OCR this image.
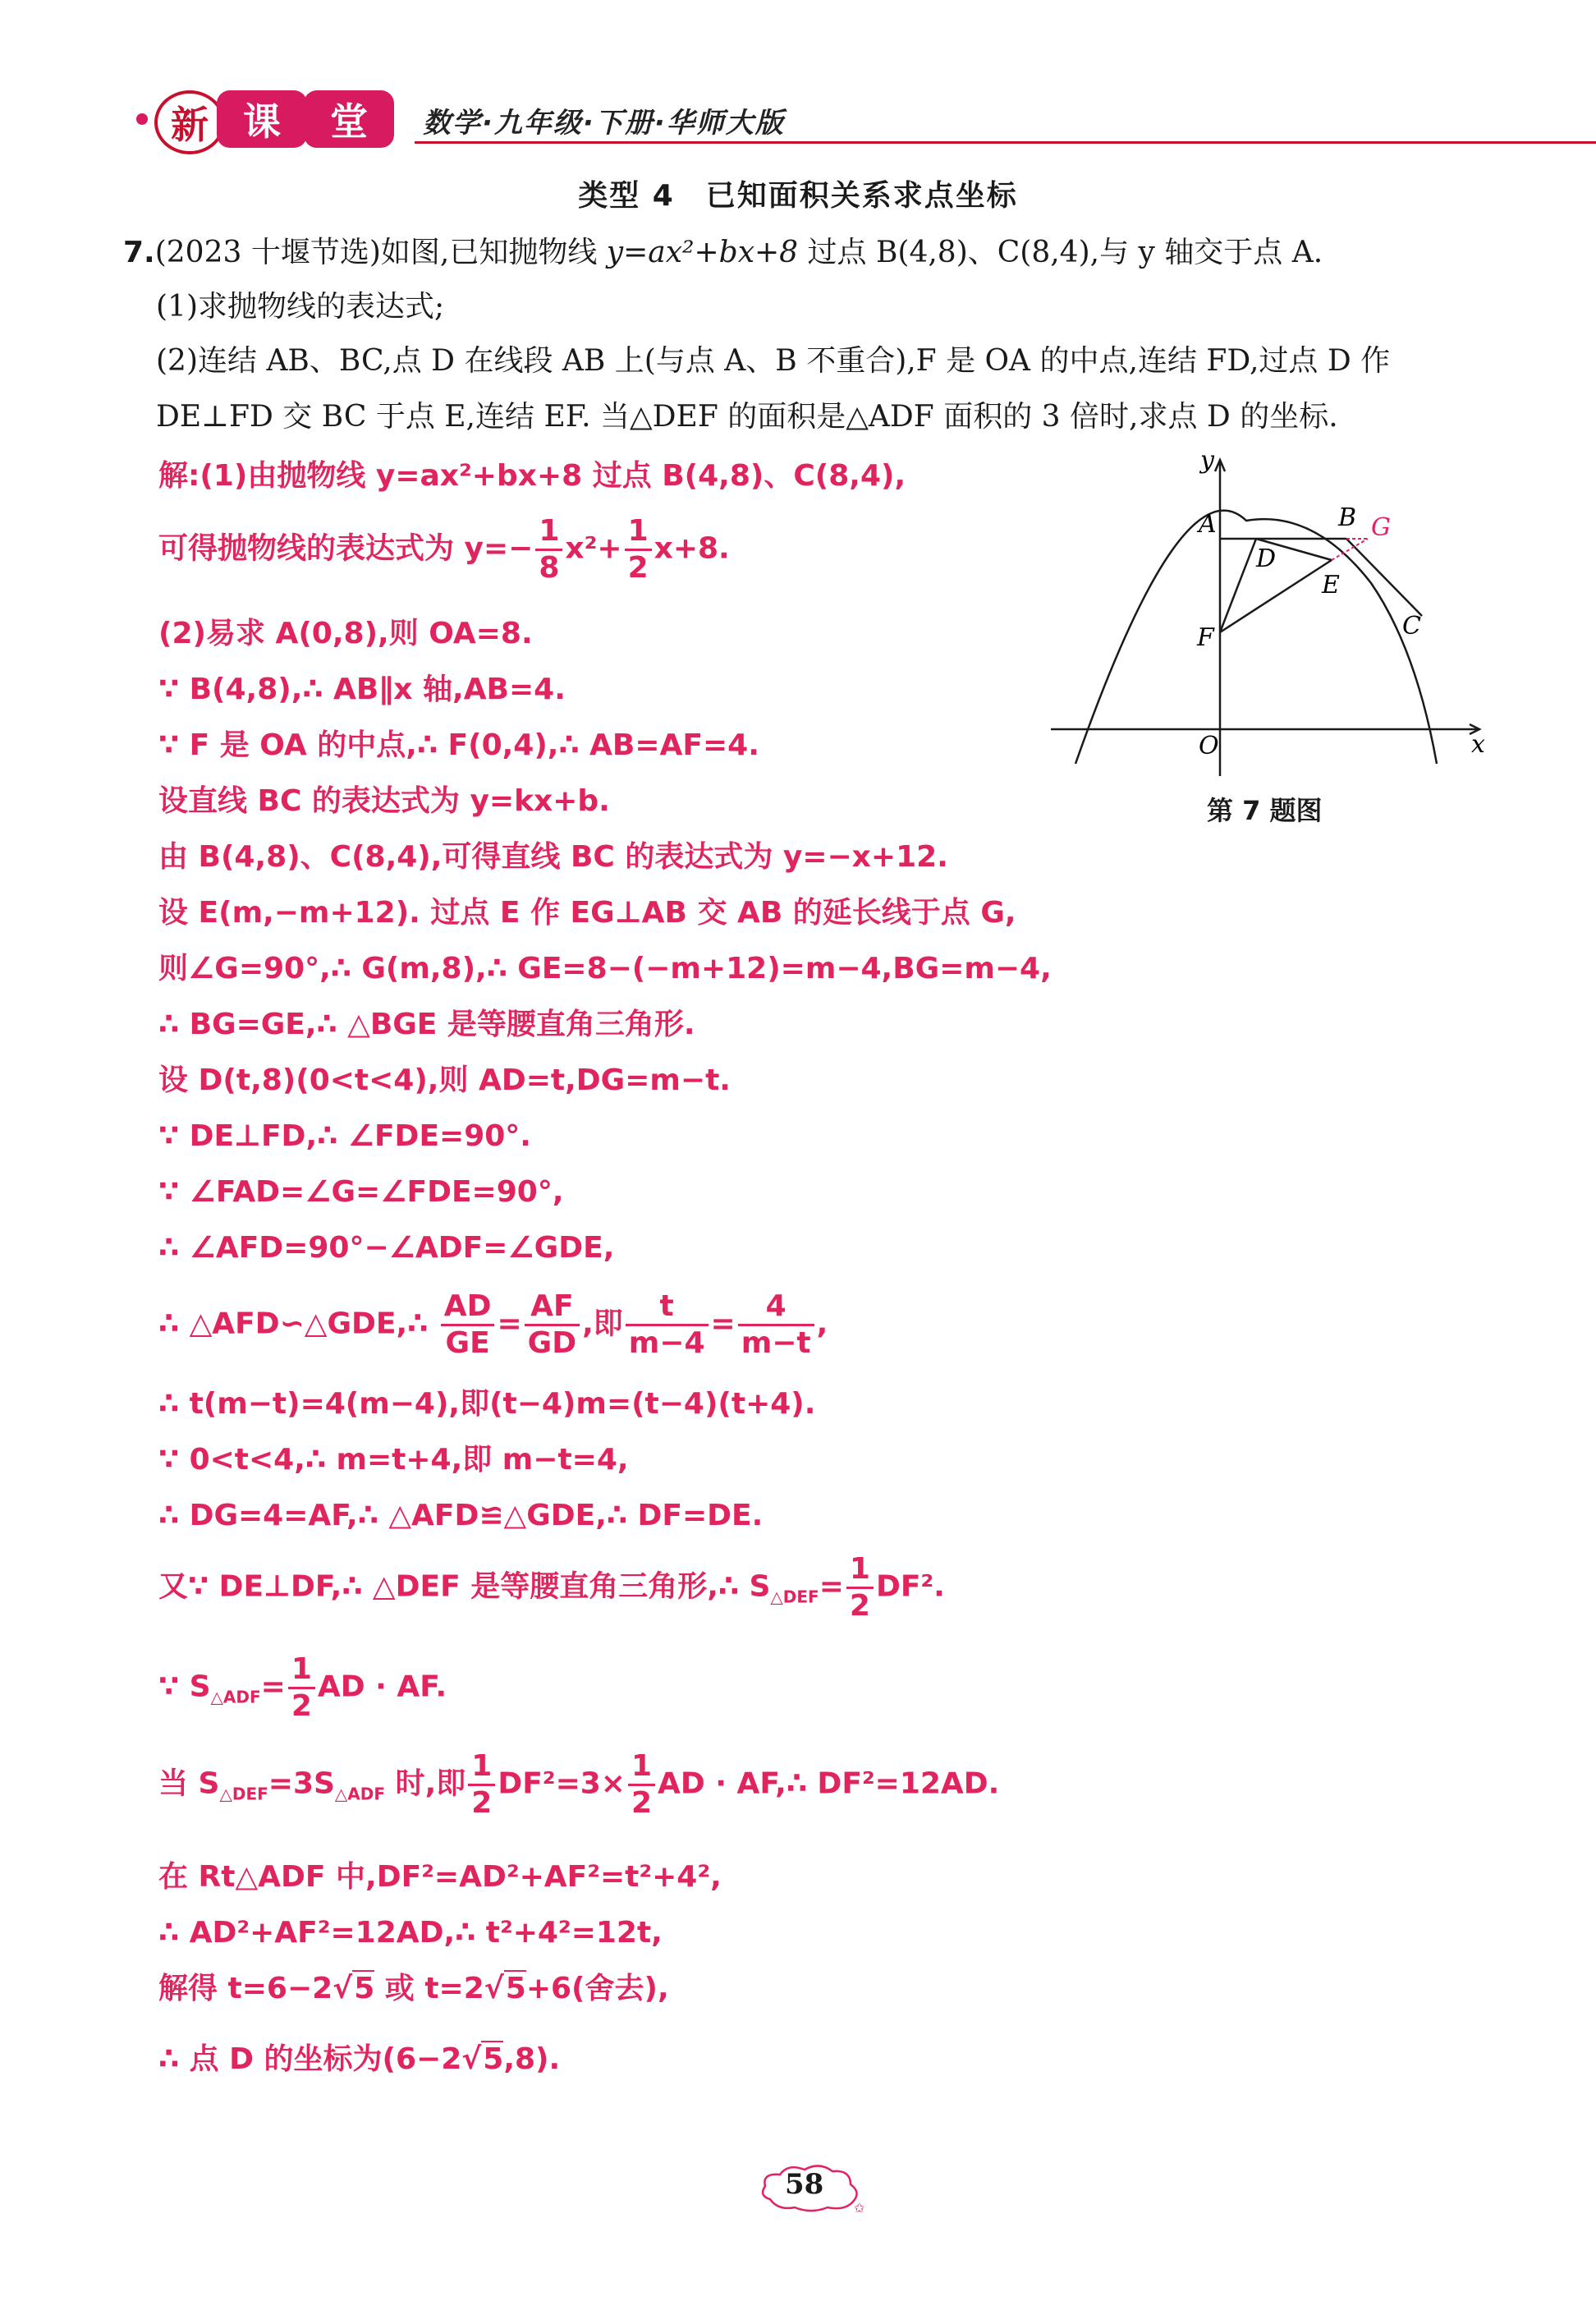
新 课	堂	数学·九年级·下册·华师大版
类型 4　已知面积关系求点坐标
7.(2023 十堰节选)如图,已知抛物线 y=ax²+bx+8 过点 B(4,8)、C(8,4),与 y 轴交于点 A.
(1)求抛物线的表达式;
(2)连结 AB、BC,点 D 在线段 AB 上(与点 A、B 不重合),F 是 OA 的中点,连结 FD,过点 D 作
DE⊥FD 交 BC 于点 E,连结 EF. 当△DEF 的面积是△ADF 面积的 3 倍时,求点 D 的坐标.
解:(1)由抛物线 y=ax²+bx+8 过点 B(4,8)、C(8,4),
可得抛物线的表达式为 $y=- \frac{1}{8} x^2+ \frac{1}{2} x+8$.
(2)易求 A(0,8),则 OA=8.
∵ B(4,8),∴ AB∥x 轴,AB=4.
∵ F 是 OA 的中点,∴ F(0,4),∴ AB=AF=4.
设直线 BC 的表达式为 y=kx+b.
由 B(4,8)、C(8,4),可得直线 BC 的表达式为 y=−x+12.
设 E(m,−m+12). 过点 E 作 EG⊥AB 交 AB 的延长线于点 G,
则∠G=90°,∴ G(m,8),∴ GE=8−(−m+12)=m−4,BG=m−4,
∴ BG=GE,∴ △BGE 是等腰直角三角形.
设 D(t,8)(0<t<4),则 AD=t,DG=m−t.
∵ DE⊥FD,∴ ∠FDE=90°.
∵ ∠FAD=∠G=∠FDE=90°,
∴ ∠AFD=90°−∠ADF=∠GDE,
∴ △AFD∽△GDE,∴ $\frac{AD}{GE} = \frac{AF}{GD}$ ,即 $\frac{t}{m-4} = \frac{4}{m-t}$ ,
∴ t(m−t)=4(m−4),即(t−4)m=(t−4)(t+4).
∵ 0<t<4,∴ m=t+4,即 m−t=4,
∴ DG=4=AF,∴ △AFD≌△GDE,∴ DF=DE.
又∵ DE⊥DF,∴ △DEF 是等腰直角三角形,∴ $S_{\triangle DEF}= \frac{1}{2} DF^2$.
∵ $S_{\triangle ADF}= \frac{1}{2}$ AD · AF.
当 $S_{\triangle DEF}=3S_{\triangle ADF}$ 时,即 $\frac{1}{2} DF^2=3\times \frac{1}{2}$ AD · AF,∴ DF²=12AD.
在 Rt△ADF 中,DF²=AD²+AF²=t²+4²,
∴ AD²+AF²=12AD,∴ t²+4²=12t,
解得 t=6−2√5 或 t=2√5+6(舍去),
∴ 点 D 的坐标为(6−2√5,8).
y
x
O
A	B G
D
E
F	C
第 7 题图
✩
58
